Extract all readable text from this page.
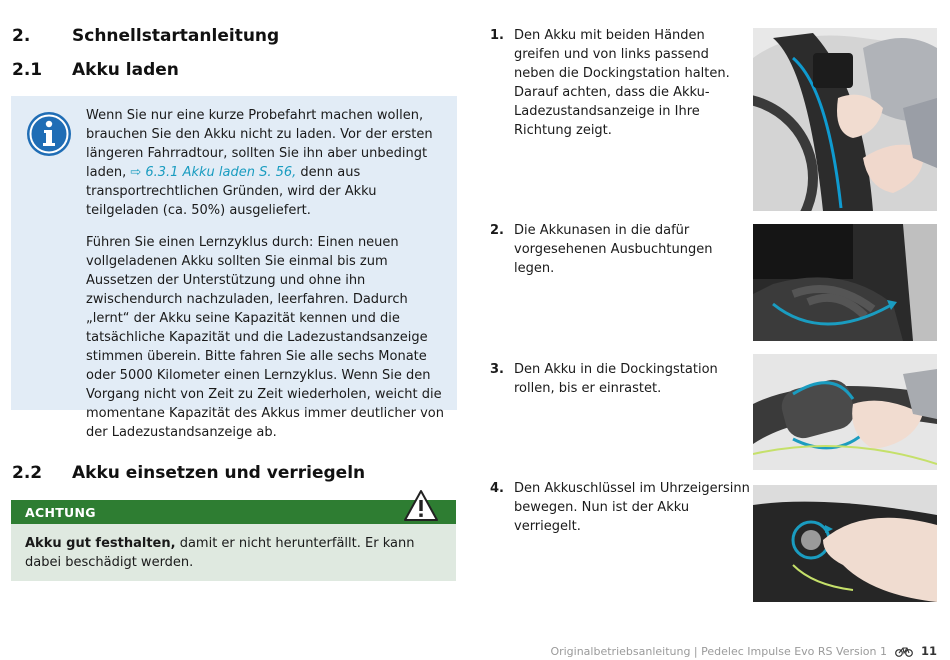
2. Schnellstartanleitung
2.1 Akku laden

Wenn Sie nur eine kurze Probefahrt machen wollen, brauchen Sie den Akku nicht zu laden. Vor der ersten längeren Fahrradtour, sollten Sie ihn aber unbedingt laden, ⇨ 6.3.1 Akku laden S. 56, denn aus transportrechtlichen Gründen, wird der Akku teilgeladen (ca. 50%) ausgeliefert.

Führen Sie einen Lernzyklus durch: Einen neuen vollgeladenen Akku sollten Sie einmal bis zum Aussetzen der Unterstützung und ohne ihn zwischendurch nachzuladen, leerfahren. Dadurch „lernt“ der Akku seine Kapazität kennen und die tatsächliche Kapazität und die Ladezustandsanzeige stimmen überein. Bitte fahren Sie alle sechs Monate oder 5000 Kilometer einen Lernzyklus. Wenn Sie den Vorgang nicht von Zeit zu Zeit wiederholen, weicht die momentane Kapazität des Akkus immer deutlicher von der Ladezustandsanzeige ab.

2.2 Akku einsetzen und verriegeln
ACHTUNG
Akku gut festhalten, damit er nicht herunterfällt. Er kann dabei beschädigt werden.
1. Den Akku mit beiden Händen greifen und von links passend neben die Dockingstation halten. Darauf achten, dass die Akku-Ladezustandsanzeige in Ihre Richtung zeigt.
2. Die Akkunasen in die dafür vorgesehenen Ausbuchtungen legen.
3. Den Akku in die Dockingstation rollen, bis er einrastet.
4. Den Akkuschlüssel im Uhrzeigersinn bewegen. Nun ist der Akku verriegelt.
Originalbetriebsanleitung | Pedelec Impulse Evo RS Version 1	11
